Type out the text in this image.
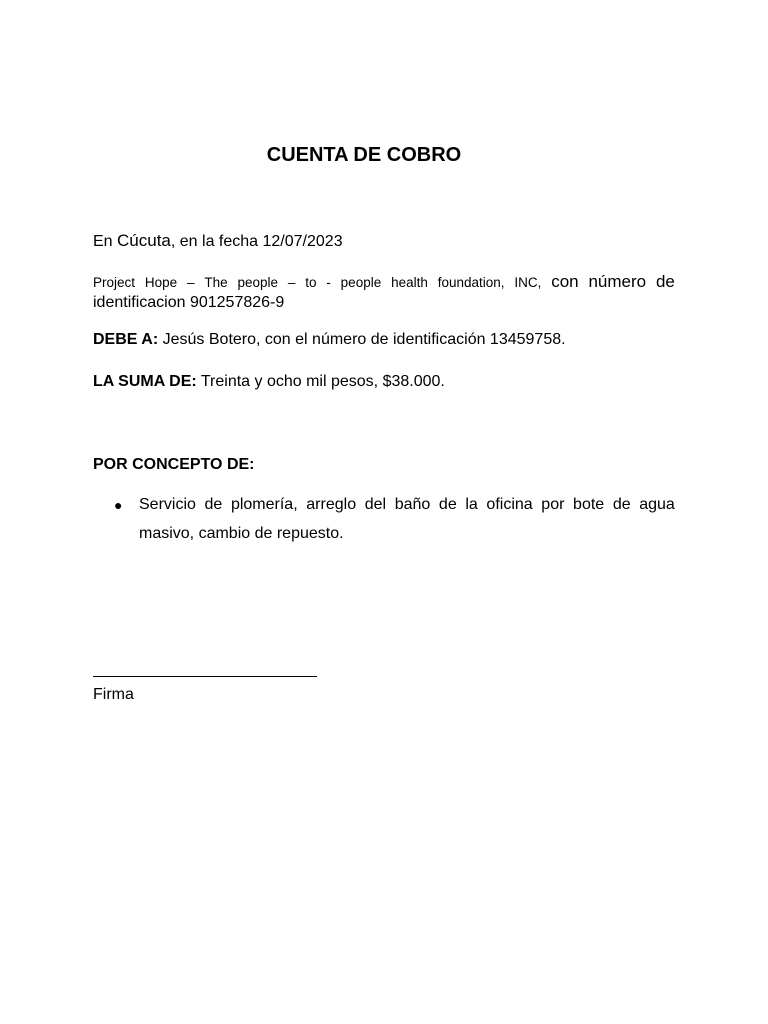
CUENTA DE COBRO
En Cúcuta, en la fecha 12/07/2023
Project Hope – The people – to - people health foundation, INC, con número de
identificacion 901257826-9
DEBE A: Jesús Botero, con el número de identificación 13459758.
LA SUMA DE: Treinta y ocho mil pesos, $38.000.
POR CONCEPTO DE:
● Servicio de plomería, arreglo del baño de la oficina por bote de agua
masivo, cambio de repuesto.
Firma
